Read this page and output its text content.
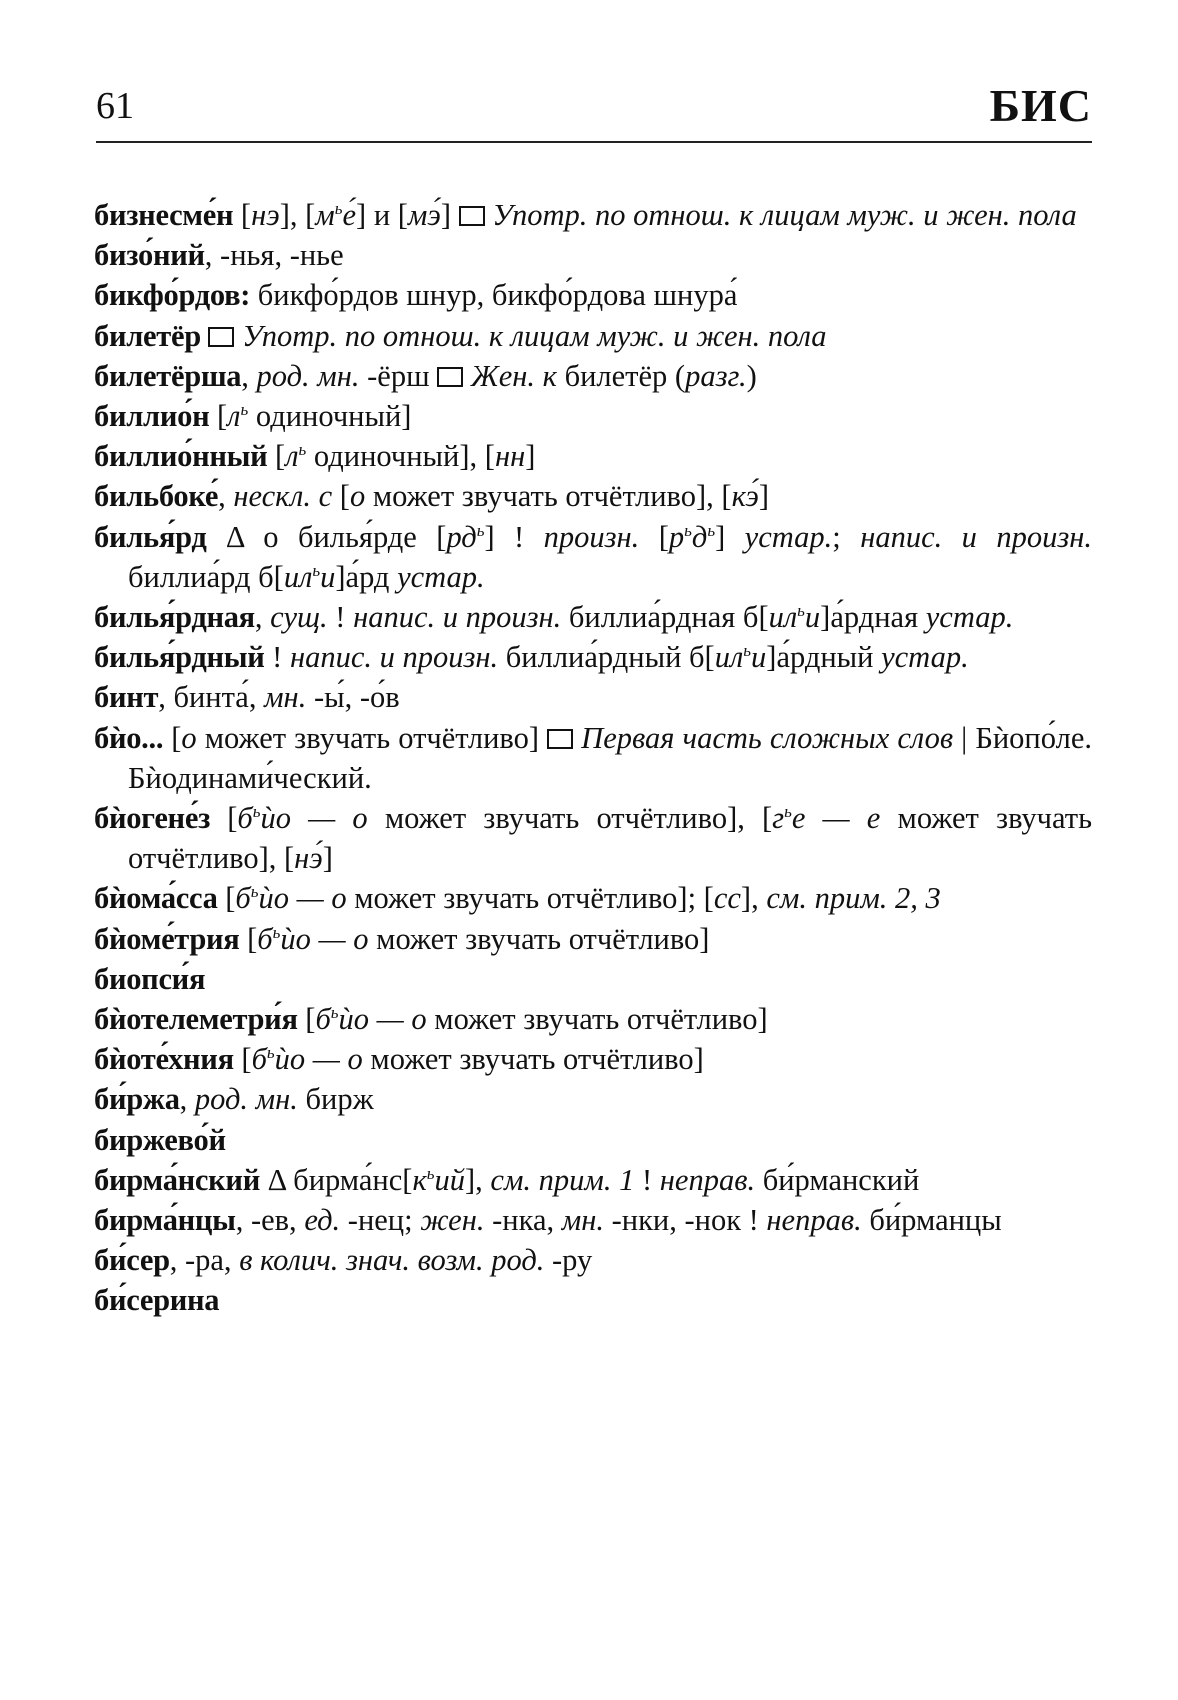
61	БИС
бизнесме́н [нэ], $[м^ье́]$ и [мэ́]  Употр. по отнош. к лицам муж. и жен. пола
бизо́ний, -нья, -нье
бикфо́рдов: бикфо́рдов шнур, бикфо́рдова шнура́
билетёр  Употр. по отнош. к лицам муж. и жен. пола
билетёрша, род. мн. -ёрш  Жен. к билетёр (разг.)
биллио́н [$л^ь$ одиночный]
биллио́нный [$л^ь$ одиночный], [нн]
бильбоке́, нескл. с [о может звучать отчётливо], [кэ́]
билья́рд Δ о билья́рде $[рд^ь]$ ! произн. $[р^ьд^ь]$ устар.; напис. и произн. биллиа́рд $б[ил^ьи]а́рд$ устар.
билья́рдная, сущ. ! напис. и произн. биллиа́рдная $б[ил^ьи]а́рдная$ устар.
билья́рдный ! напис. и произн. биллиа́рдный $б[ил^ьи]а́рдный$ устар.
бинт, бинта́, мн. -ы́, -о́в
бѝо... [о может звучать отчётливо]  Первая часть сложных слов | Бѝопо́ле. Бѝодинами́ческий.
бѝогене́з [$б^ьѝо$ — о может звучать отчётливо], [$г^ье$ — е может звучать отчётливо], [нэ́]
бѝома́сса [$б^ьѝо$ — о может звучать отчётливо]; [сс], см. прим. 2, 3
бѝоме́трия [$б^ьѝо$ — о может звучать отчётливо]
биопси́я
бѝотелеметри́я [$б^ьѝо$ — о может звучать отчётливо]
бѝоте́хния [$б^ьѝо$ — о может звучать отчётливо]
би́ржа, род. мн. бирж
биржево́й
бирма́нский Δ $бирма́нс[к^ьий]$, см. прим. 1 ! неправ. би́рманский
бирма́нцы, -ев, ед. -нец; жен. -нка, мн. -нки, -нок ! неправ. би́рманцы
би́сер, -ра, в колич. знач. возм. род. -ру
би́серина
